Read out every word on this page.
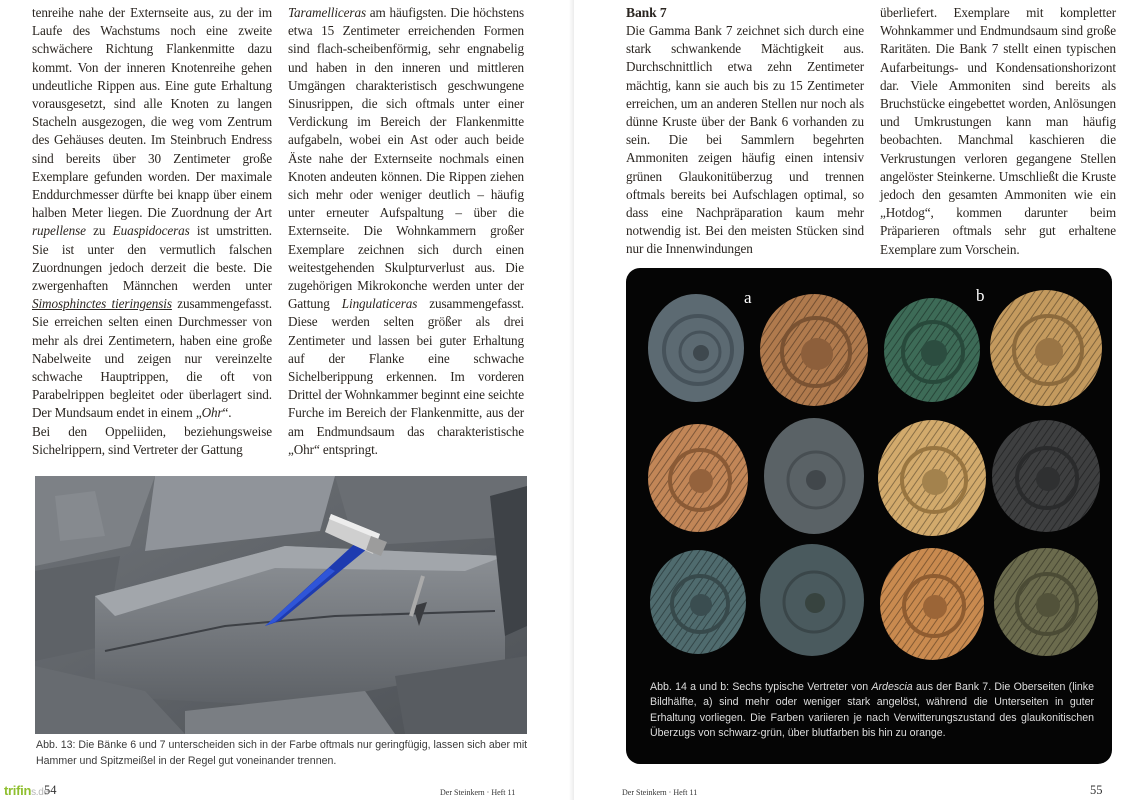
tenreihe nahe der Externseite aus, zu der im Laufe des Wachstums noch eine zweite schwächere Richtung Flankenmitte dazu kommt. Von der inneren Knotenreihe gehen undeutliche Rippen aus. Eine gute Erhaltung vorausgesetzt, sind alle Knoten zu langen Stacheln ausgezogen, die weg vom Zentrum des Gehäuses deuten. Im Steinbruch Endress sind bereits über 30 Zentimeter große Exemplare gefunden worden. Der maximale Enddurchmesser dürfte bei knapp über einem halben Meter liegen. Die Zuordnung der Art rupellense zu Euaspidoceras ist umstritten. Sie ist unter den vermutlich falschen Zuordnungen jedoch derzeit die beste. Die zwergenhaften Männchen werden unter Simosphinctes tieringensis zusammengefasst. Sie erreichen selten einen Durchmesser von mehr als drei Zentimetern, haben eine große Nabelweite und zeigen nur vereinzelte schwache Hauptrippen, die oft von Parabelrippen begleitet oder überlagert sind. Der Mundsaum endet in einem „Ohr“.

Bei den Oppeliiden, beziehungsweise Sichelrippern, sind Vertreter der Gattung

Taramelliceras am häufigsten. Die höchstens etwa 15 Zentimeter erreichenden Formen sind flach-scheibenförmig, sehr engnabelig und haben in den inneren und mittleren Umgängen charakteristisch geschwungene Sinusrippen, die sich oftmals unter einer Verdickung im Bereich der Flankenmitte aufgabeln, wobei ein Ast oder auch beide Äste nahe der Externseite nochmals einen Knoten andeuten können. Die Rippen ziehen sich mehr oder weniger deutlich – häufig unter erneuter Aufspaltung – über die Externseite. Die Wohnkammern großer Exemplare zeichnen sich durch einen weitestgehenden Skulpturverlust aus. Die zugehörigen Mikrokonche werden unter der Gattung Lingulaticeras zusammengefasst. Diese werden selten größer als drei Zentimeter und lassen bei guter Erhaltung auf der Flanke eine schwache Sichelberippung erkennen. Im vorderen Drittel der Wohnkammer beginnt eine seichte Furche im Bereich der Flankenmitte, aus der am Endmundsaum das charakteristische „Ohr“ entspringt.

Abb. 13: Die Bänke 6 und 7 unterscheiden sich in der Farbe oftmals nur geringfügig, lassen sich aber mit Hammer und Spitzmeißel in der Regel gut voneinander trennen.
Der Steinkern · Heft 11
54
Bank 7

Die Gamma Bank 7 zeichnet sich durch eine stark schwankende Mächtigkeit aus. Durchschnittlich etwa zehn Zentimeter mächtig, kann sie auch bis zu 15 Zentimeter erreichen, um an anderen Stellen nur noch als dünne Kruste über der Bank 6 vorhanden zu sein. Die bei Sammlern begehrten Ammoniten zeigen häufig einen intensiv grünen Glaukonitüberzug und trennen oftmals bereits bei Aufschlagen optimal, so dass eine Nachpräparation kaum mehr notwendig ist. Bei den meisten Stücken sind nur die Innenwindungen

überliefert. Exemplare mit kompletter Wohnkammer und Endmundsaum sind große Raritäten. Die Bank 7 stellt einen typischen Aufarbeitungs- und Kondensationshorizont dar. Viele Ammoniten sind bereits als Bruchstücke eingebettet worden, Anlösungen und Umkrustungen kann man häufig beobachten. Manchmal kaschieren die Verkrustungen verloren gegangene Stellen angelöster Steinkerne. Umschließt die Kruste jedoch den gesamten Ammoniten wie ein „Hotdog“, kommen darunter beim Präparieren oftmals sehr gut erhaltene Exemplare zum Vorschein.

Der Steinkern · Heft 11	55
a	b
Abb. 14 a und b: Sechs typische Vertreter von Ardescia aus der Bank 7. Die Oberseiten (linke Bildhälfte, a) sind mehr oder weniger stark angelöst, während die Unterseiten in guter Erhaltung vorliegen. Die Farben variieren je nach Verwitterungszustand des glaukonitischen Überzugs von schwarz-grün, über blutfarben bis hin zu orange.
trifins.de
